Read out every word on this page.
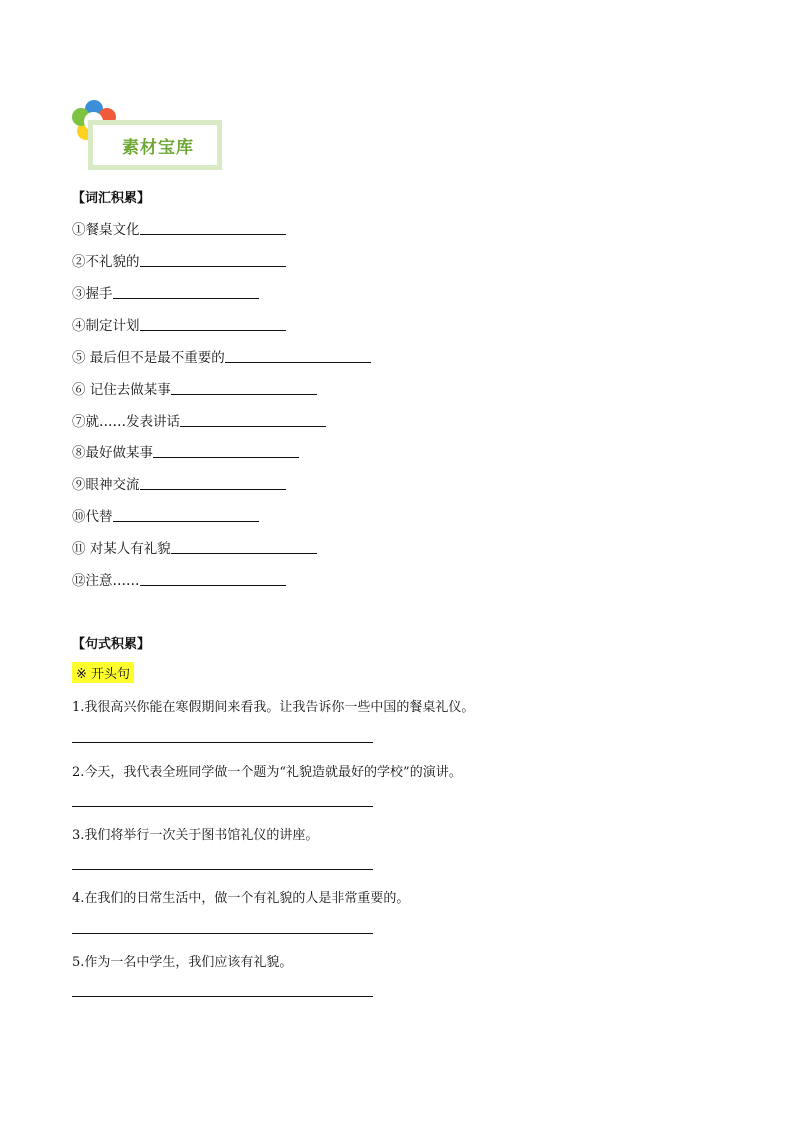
素材宝库
【词汇积累】
①餐桌文化
②不礼貌的
③握手
④制定计划
⑤ 最后但不是最不重要的
⑥ 记住去做某事
⑦就……发表讲话
⑧最好做某事
⑨眼神交流
⑩代替
⑪ 对某人有礼貌
⑫注意……
【句式积累】
※ 开头句
1.我很高兴你能在寒假期间来看我。让我告诉你一些中国的餐桌礼仪。
2.今天，我代表全班同学做一个题为“礼貌造就最好的学校”的演讲。
3.我们将举行一次关于图书馆礼仪的讲座。
4.在我们的日常生活中，做一个有礼貌的人是非常重要的。
5.作为一名中学生，我们应该有礼貌。
